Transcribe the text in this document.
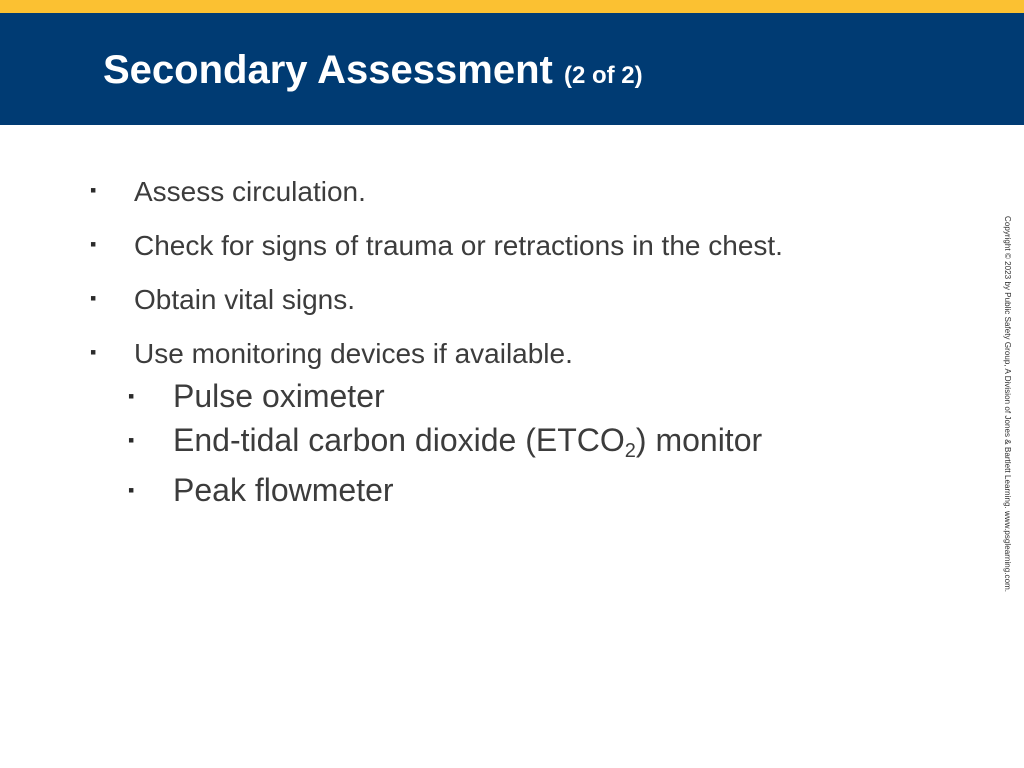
Secondary Assessment (2 of 2)
▪ Assess circulation.
▪ Check for signs of trauma or retractions in the chest.
▪ Obtain vital signs.
▪ Use monitoring devices if available.
▪ Pulse oximeter
▪ End-tidal carbon dioxide $(ETCO_2)$ monitor
▪ Peak flowmeter	Copyright © 2023 by Public Safety Group, A Division of Jones & Bartlett Learning. www.psglearning.com.
